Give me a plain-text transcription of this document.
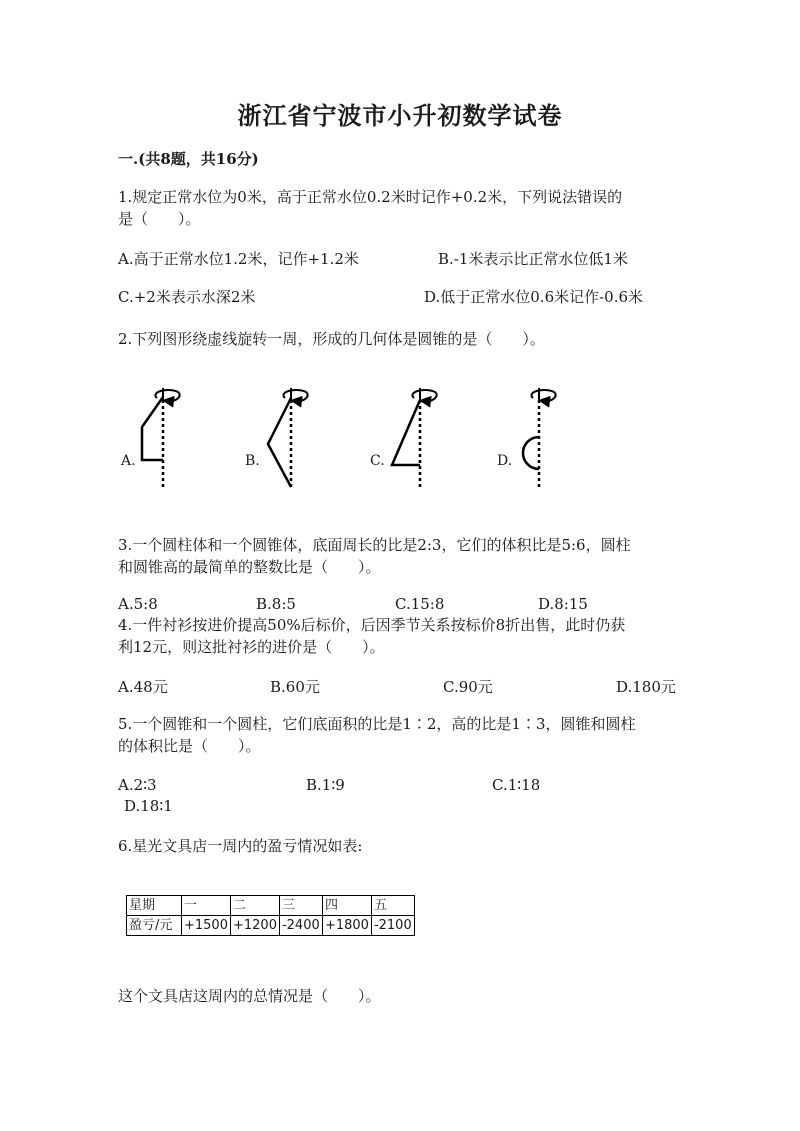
浙江省宁波市小升初数学试卷
一.(共8题，共16分)
1.规定正常水位为0米，高于正常水位0.2米时记作+0.2米，下列说法错误的
是（　　）。
A.高于正常水位1.2米，记作+1.2米	B.-1米表示比正常水位低1米
C.+2米表示水深2米	D.低于正常水位0.6米记作-0.6米
2.下列图形绕虚线旋转一周，形成的几何体是圆锥的是（　　）。
A.	B.	C.	D.
3.一个圆柱体和一个圆锥体，底面周长的比是2:3，它们的体积比是5:6，圆柱
和圆锥高的最简单的整数比是（　　）。
A.5:8	B.8:5	C.15:8	D.8:15
4.一件衬衫按进价提高50%后标价，后因季节关系按标价8折出售，此时仍获
利12元，则这批衬衫的进价是（　　）。
A.48元	B.60元	C.90元	D.180元
5.一个圆锥和一个圆柱，它们底面积的比是1∶2，高的比是1∶3，圆锥和圆柱
的体积比是（　　）。
A.2∶3	B.1∶9	C.1∶18
D.18∶1
6.星光文具店一周内的盈亏情况如表:
星期	一	二	三	四	五
盈亏/元	+1500	+1200	-2400	+1800	-2100
这个文具店这周内的总情况是（　　）。
